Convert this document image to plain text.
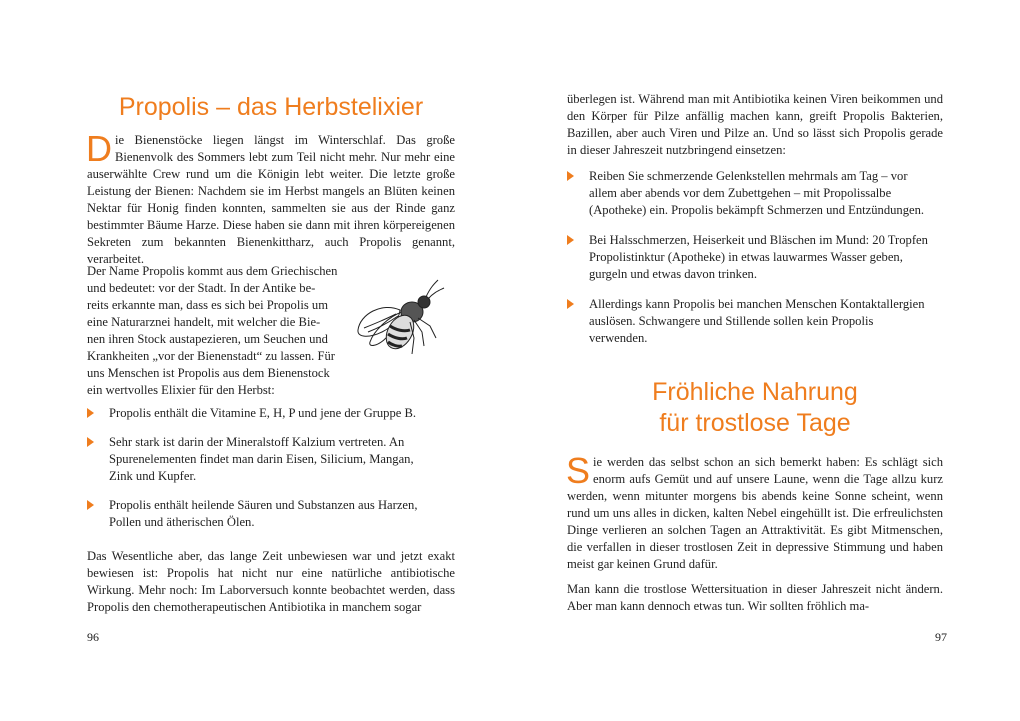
Propolis – das Herbstelixier

Die Bienenstöcke liegen längst im Winterschlaf. Das große Bienenvolk des Sommers lebt zum Teil nicht mehr. Nur mehr eine auserwählte Crew rund um die Königin lebt weiter. Die letzte große Leistung der Bienen: Nachdem sie im Herbst mangels an Blüten keinen Nektar für Honig finden konnten, sammelten sie aus der Rinde ganz bestimmter Bäume Harze. Diese haben sie dann mit ihren körpereigenen Sekreten zum bekannten Bienenkittharz, auch Propolis genannt, verarbeitet.

Der Name Propolis kommt aus dem Griechischen

und bedeutet: vor der Stadt. In der Antike be-

reits erkannte man, dass es sich bei Propolis um

eine Naturarznei handelt, mit welcher die Bie-

nen ihren Stock austapezieren, um Seuchen und

Krankheiten „vor der Bienenstadt“ zu lassen. Für

uns Menschen ist Propolis aus dem Bienenstock

ein wertvolles Elixier für den Herbst:

Propolis enthält die Vitamine E, H, P und jene der Gruppe B.
Sehr stark ist darin der Mineralstoff Kalzium vertreten. An Spurenelementen findet man darin Eisen, Silicium, Mangan, Zink und Kupfer.
Propolis enthält heilende Säuren und Substanzen aus Harzen, Pollen und ätherischen Ölen.

Das Wesentliche aber, das lange Zeit unbewiesen war und jetzt exakt bewiesen ist: Propolis hat nicht nur eine natürliche antibiotische Wirkung. Mehr noch: Im Laborversuch konnte beobachtet werden, dass Propolis den chemotherapeutischen Antibiotika in manchem sogar

96

überlegen ist. Während man mit Antibiotika keinen Viren beikommen und den Körper für Pilze anfällig machen kann, greift Propolis Bakterien, Bazillen, aber auch Viren und Pilze an. Und so lässt sich Propolis gerade in dieser Jahreszeit nutzbringend einsetzen:

Reiben Sie schmerzende Gelenkstellen mehrmals am Tag – vor allem aber abends vor dem Zubettgehen – mit Propolissalbe (Apotheke) ein. Propolis bekämpft Schmerzen und Entzündungen.
Bei Halsschmerzen, Heiserkeit und Bläschen im Mund: 20 Tropfen Propolistinktur (Apotheke) in etwas lauwarmes Wasser geben, gurgeln und etwas davon trinken.
Allerdings kann Propolis bei manchen Menschen Kontaktallergien auslösen. Schwangere und Stillende sollen kein Propolis verwenden.
Fröhliche Nahrung
für trostlose Tage

Sie werden das selbst schon an sich bemerkt haben: Es schlägt sich enorm aufs Gemüt und auf unsere Laune, wenn die Tage allzu kurz werden, wenn mitunter morgens bis abends keine Sonne scheint, wenn rund um uns alles in dicken, kalten Nebel eingehüllt ist. Die erfreulichsten Dinge verlieren an solchen Tagen an Attraktivität. Es gibt Mitmenschen, die verfallen in dieser trostlosen Zeit in depressive Stimmung und haben meist gar keinen Grund dafür.

Man kann die trostlose Wettersituation in dieser Jahreszeit nicht ändern. Aber man kann dennoch etwas tun. Wir sollten fröhlich ma-

97
